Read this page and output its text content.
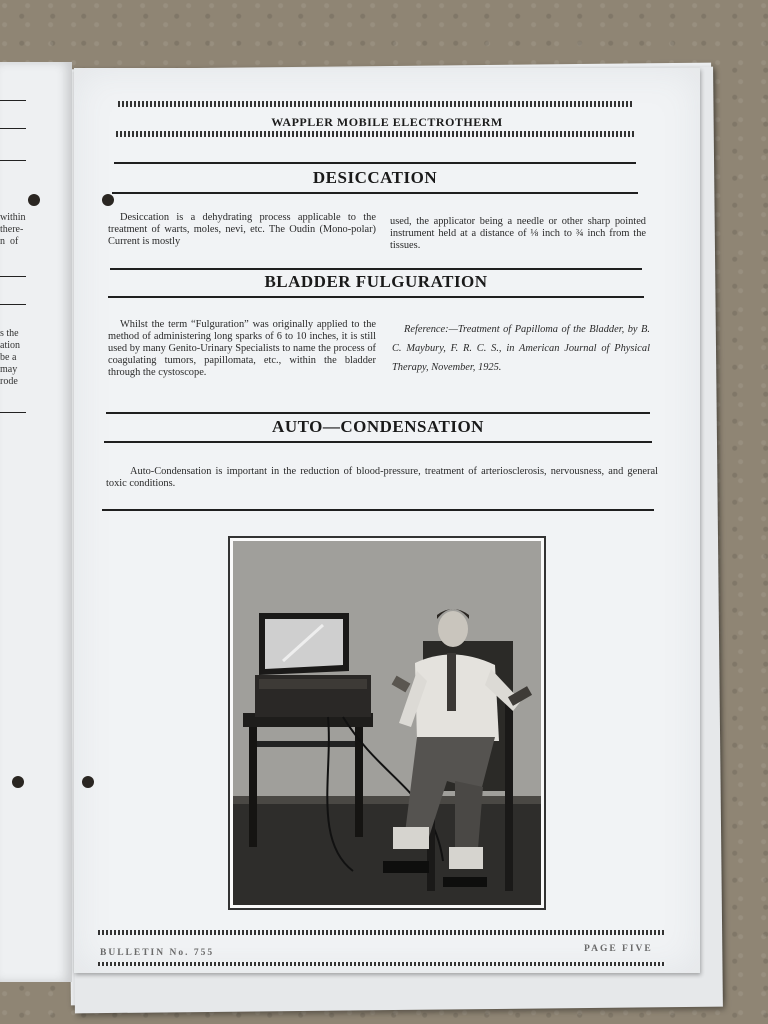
within
there-
n  of
s the
ation
be a
may
rode
WAPPLER MOBILE ELECTROTHERM
DESICCATION
Desiccation is a dehydrating process applicable to the treatment of warts, moles, nevi, etc. The Oudin (Mono-polar) Current is mostly
used, the applicator being a needle or other sharp pointed instrument held at a distance of ⅛ inch to ¾ inch from the tissues.
BLADDER FULGURATION
Whilst the term “Fulguration” was originally applied to the method of administering long sparks of 6 to 10 inches, it is still used by many Genito-Urinary Specialists to name the process of coagulating tumors, papillomata, etc., within the bladder through the cystoscope.
Reference:—Treatment of Papilloma of the Bladder, by B. C. Maybury, F. R. C. S., in American Journal of Physical Therapy, November, 1925.
AUTO—CONDENSATION
Auto-Condensation is important in the reduction of blood-pressure, treatment of arteriosclerosis, nervousness, and general toxic conditions.
BULLETIN No. 755	PAGE FIVE
